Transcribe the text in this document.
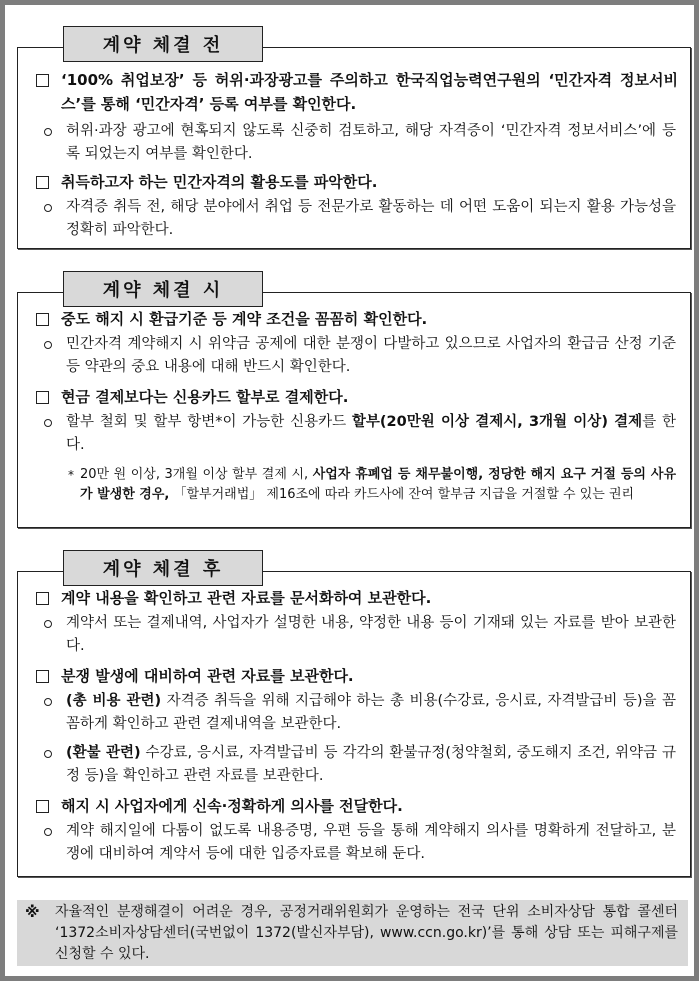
계약 체결 전
‘100% 취업보장’ 등 허위·과장광고를 주의하고 한국직업능력연구원의 ‘민간자격 정보서비스’를 통해 ‘민간자격’ 등록 여부를 확인한다.
허위·과장 광고에 현혹되지 않도록 신중히 검토하고, 해당 자격증이 ‘민간자격 정보서비스’에 등록 되었는지 여부를 확인한다.
취득하고자 하는 민간자격의 활용도를 파악한다.
자격증 취득 전, 해당 분야에서 취업 등 전문가로 활동하는 데 어떤 도움이 되는지 활용 가능성을 정확히 파악한다.
계약 체결 시
중도 해지 시 환급기준 등 계약 조건을 꼼꼼히 확인한다.
민간자격 계약해지 시 위약금 공제에 대한 분쟁이 다발하고 있으므로 사업자의 환급금 산정 기준 등 약관의 중요 내용에 대해 반드시 확인한다.
현금 결제보다는 신용카드 할부로 결제한다.
할부 철회 및 할부 항변*이 가능한 신용카드 할부(20만원 이상 결제시, 3개월 이상) 결제를 한다.
* 20만 원 이상, 3개월 이상 할부 결제 시, 사업자 휴폐업 등 채무불이행, 정당한 해지 요구 거절 등의 사유가 발생한 경우, 「할부거래법」 제16조에 따라 카드사에 잔여 할부금 지급을 거절할 수 있는 권리
계약 체결 후
계약 내용을 확인하고 관련 자료를 문서화하여 보관한다.
계약서 또는 결제내역, 사업자가 설명한 내용, 약정한 내용 등이 기재돼 있는 자료를 받아 보관한다.
분쟁 발생에 대비하여 관련 자료를 보관한다.
(총 비용 관련) 자격증 취득을 위해 지급해야 하는 총 비용(수강료, 응시료, 자격발급비 등)을 꼼꼼하게 확인하고 관련 결제내역을 보관한다.
(환불 관련) 수강료, 응시료, 자격발급비 등 각각의 환불규정(청약철회, 중도해지 조건, 위약금 규정 등)을 확인하고 관련 자료를 보관한다.
해지 시 사업자에게 신속·정확하게 의사를 전달한다.
계약 해지일에 다툼이 없도록 내용증명, 우편 등을 통해 계약해지 의사를 명확하게 전달하고, 분쟁에 대비하여 계약서 등에 대한 입증자료를 확보해 둔다.
※	자율적인 분쟁해결이 어려운 경우, 공정거래위원회가 운영하는 전국 단위 소비자상담 통합 콜센터 ‘1372소비자상담센터(국번없이 1372(발신자부담), www.ccn.go.kr)’를 통해 상담 또는 피해구제를 신청할 수 있다.
